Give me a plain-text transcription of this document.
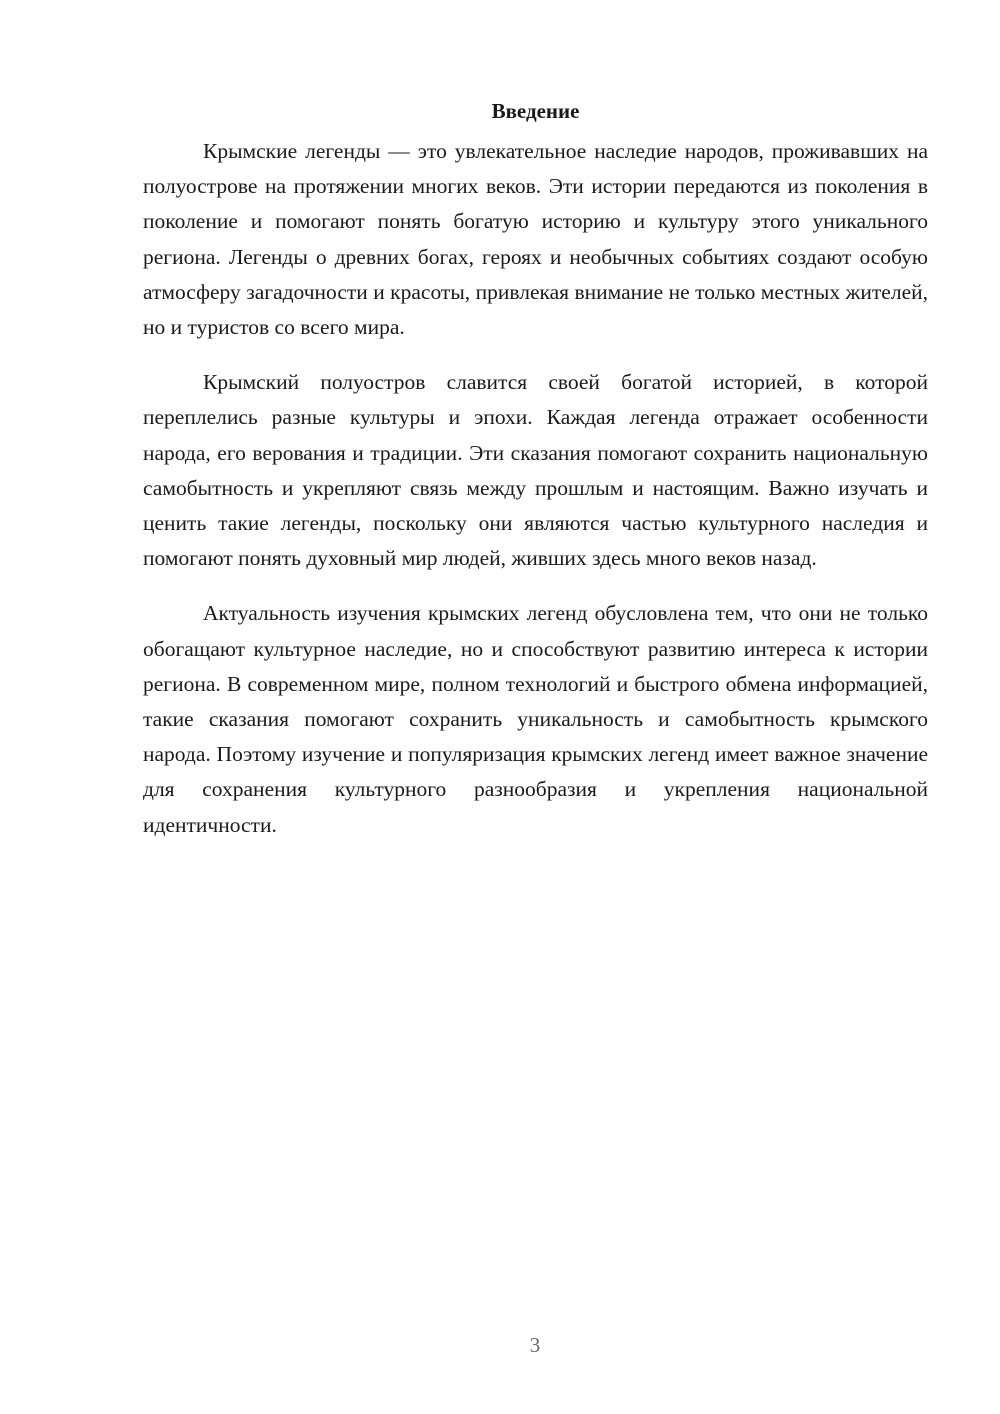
Введение

Крымские легенды — это увлекательное наследие народов, проживавших на полуострове на протяжении многих веков. Эти истории передаются из поколения в поколение и помогают понять богатую историю и культуру этого уникального региона. Легенды о древних богах, героях и необычных событиях создают особую атмосферу загадочности и красоты, привлекая внимание не только местных жителей, но и туристов со всего мира.

Крымский полуостров славится своей богатой историей, в которой переплелись разные культуры и эпохи. Каждая легенда отражает особенности народа, его верования и традиции. Эти сказания помогают сохранить национальную самобытность и укрепляют связь между прошлым и настоящим. Важно изучать и ценить такие легенды, поскольку они являются частью культурного наследия и помогают понять духовный мир людей, живших здесь много веков назад.

Актуальность изучения крымских легенд обусловлена тем, что они не только обогащают культурное наследие, но и способствуют развитию интереса к истории региона. В современном мире, полном технологий и быстрого обмена информацией, такие сказания помогают сохранить уникальность и самобытность крымского народа. Поэтому изучение и популяризация крымских легенд имеет важное значение для сохранения культурного разнообразия и укрепления национальной идентичности.

3
